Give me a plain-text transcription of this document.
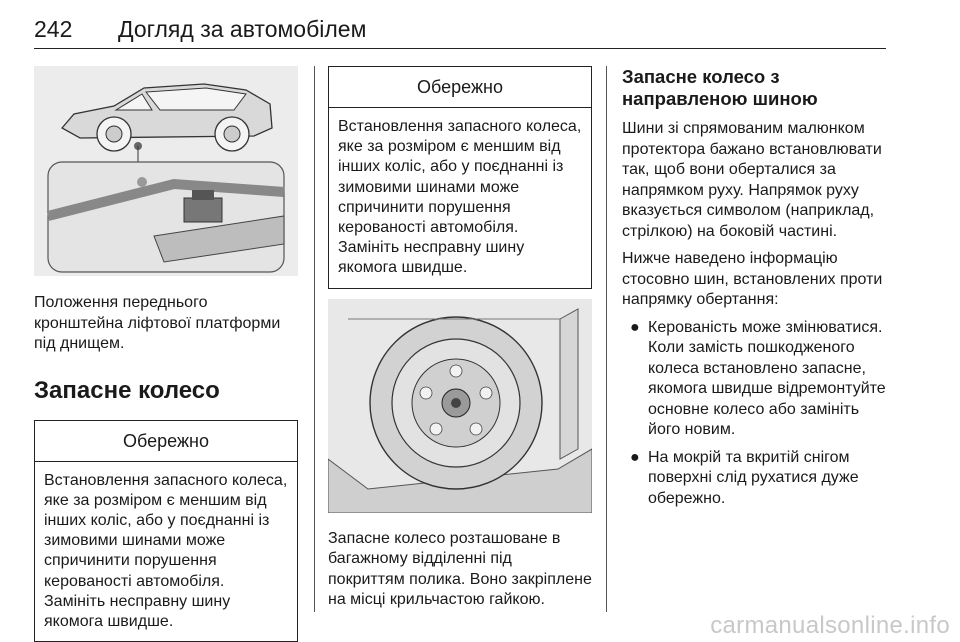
242 Догляд за автомобілем

Положення переднього кронштейна ліфтової платформи під днищем.

Запасне колесо
Обережно
Встановлення запасного колеса, яке за розміром є меншим від інших коліс, або у поєднанні із зимовими шинами може спричинити порушення керованості автомобіля. Замініть несправну шину якомога швидше.
Обережно
Встановлення запасного колеса, яке за розміром є меншим від інших коліс, або у поєднанні із зимовими шинами може спричинити порушення керованості автомобіля. Замініть несправну шину якомога швидше.

Запасне колесо розташоване в багажному відділенні під покриттям полика. Воно закріплене на місці крильчастою гайкою.

Запасне колесо з направленою шиною

Шини зі спрямованим малюнком протектора бажано встановлювати так, щоб вони оберталися за напрямком руху. Напрямок руху вказується символом (наприклад, стрілкою) на боковій частині.

Нижче наведено інформацію стосовно шин, встановлених проти напрямку обертання:

● Керованість може змінюватися. Коли замість пошкодженого колеса встановлено запасне, якомога швидше відремонтуйте основне колесо або замініть його новим.
● На мокрій та вкритій снігом поверхні слід рухатися дуже обережно.
carmanualsonline.info
